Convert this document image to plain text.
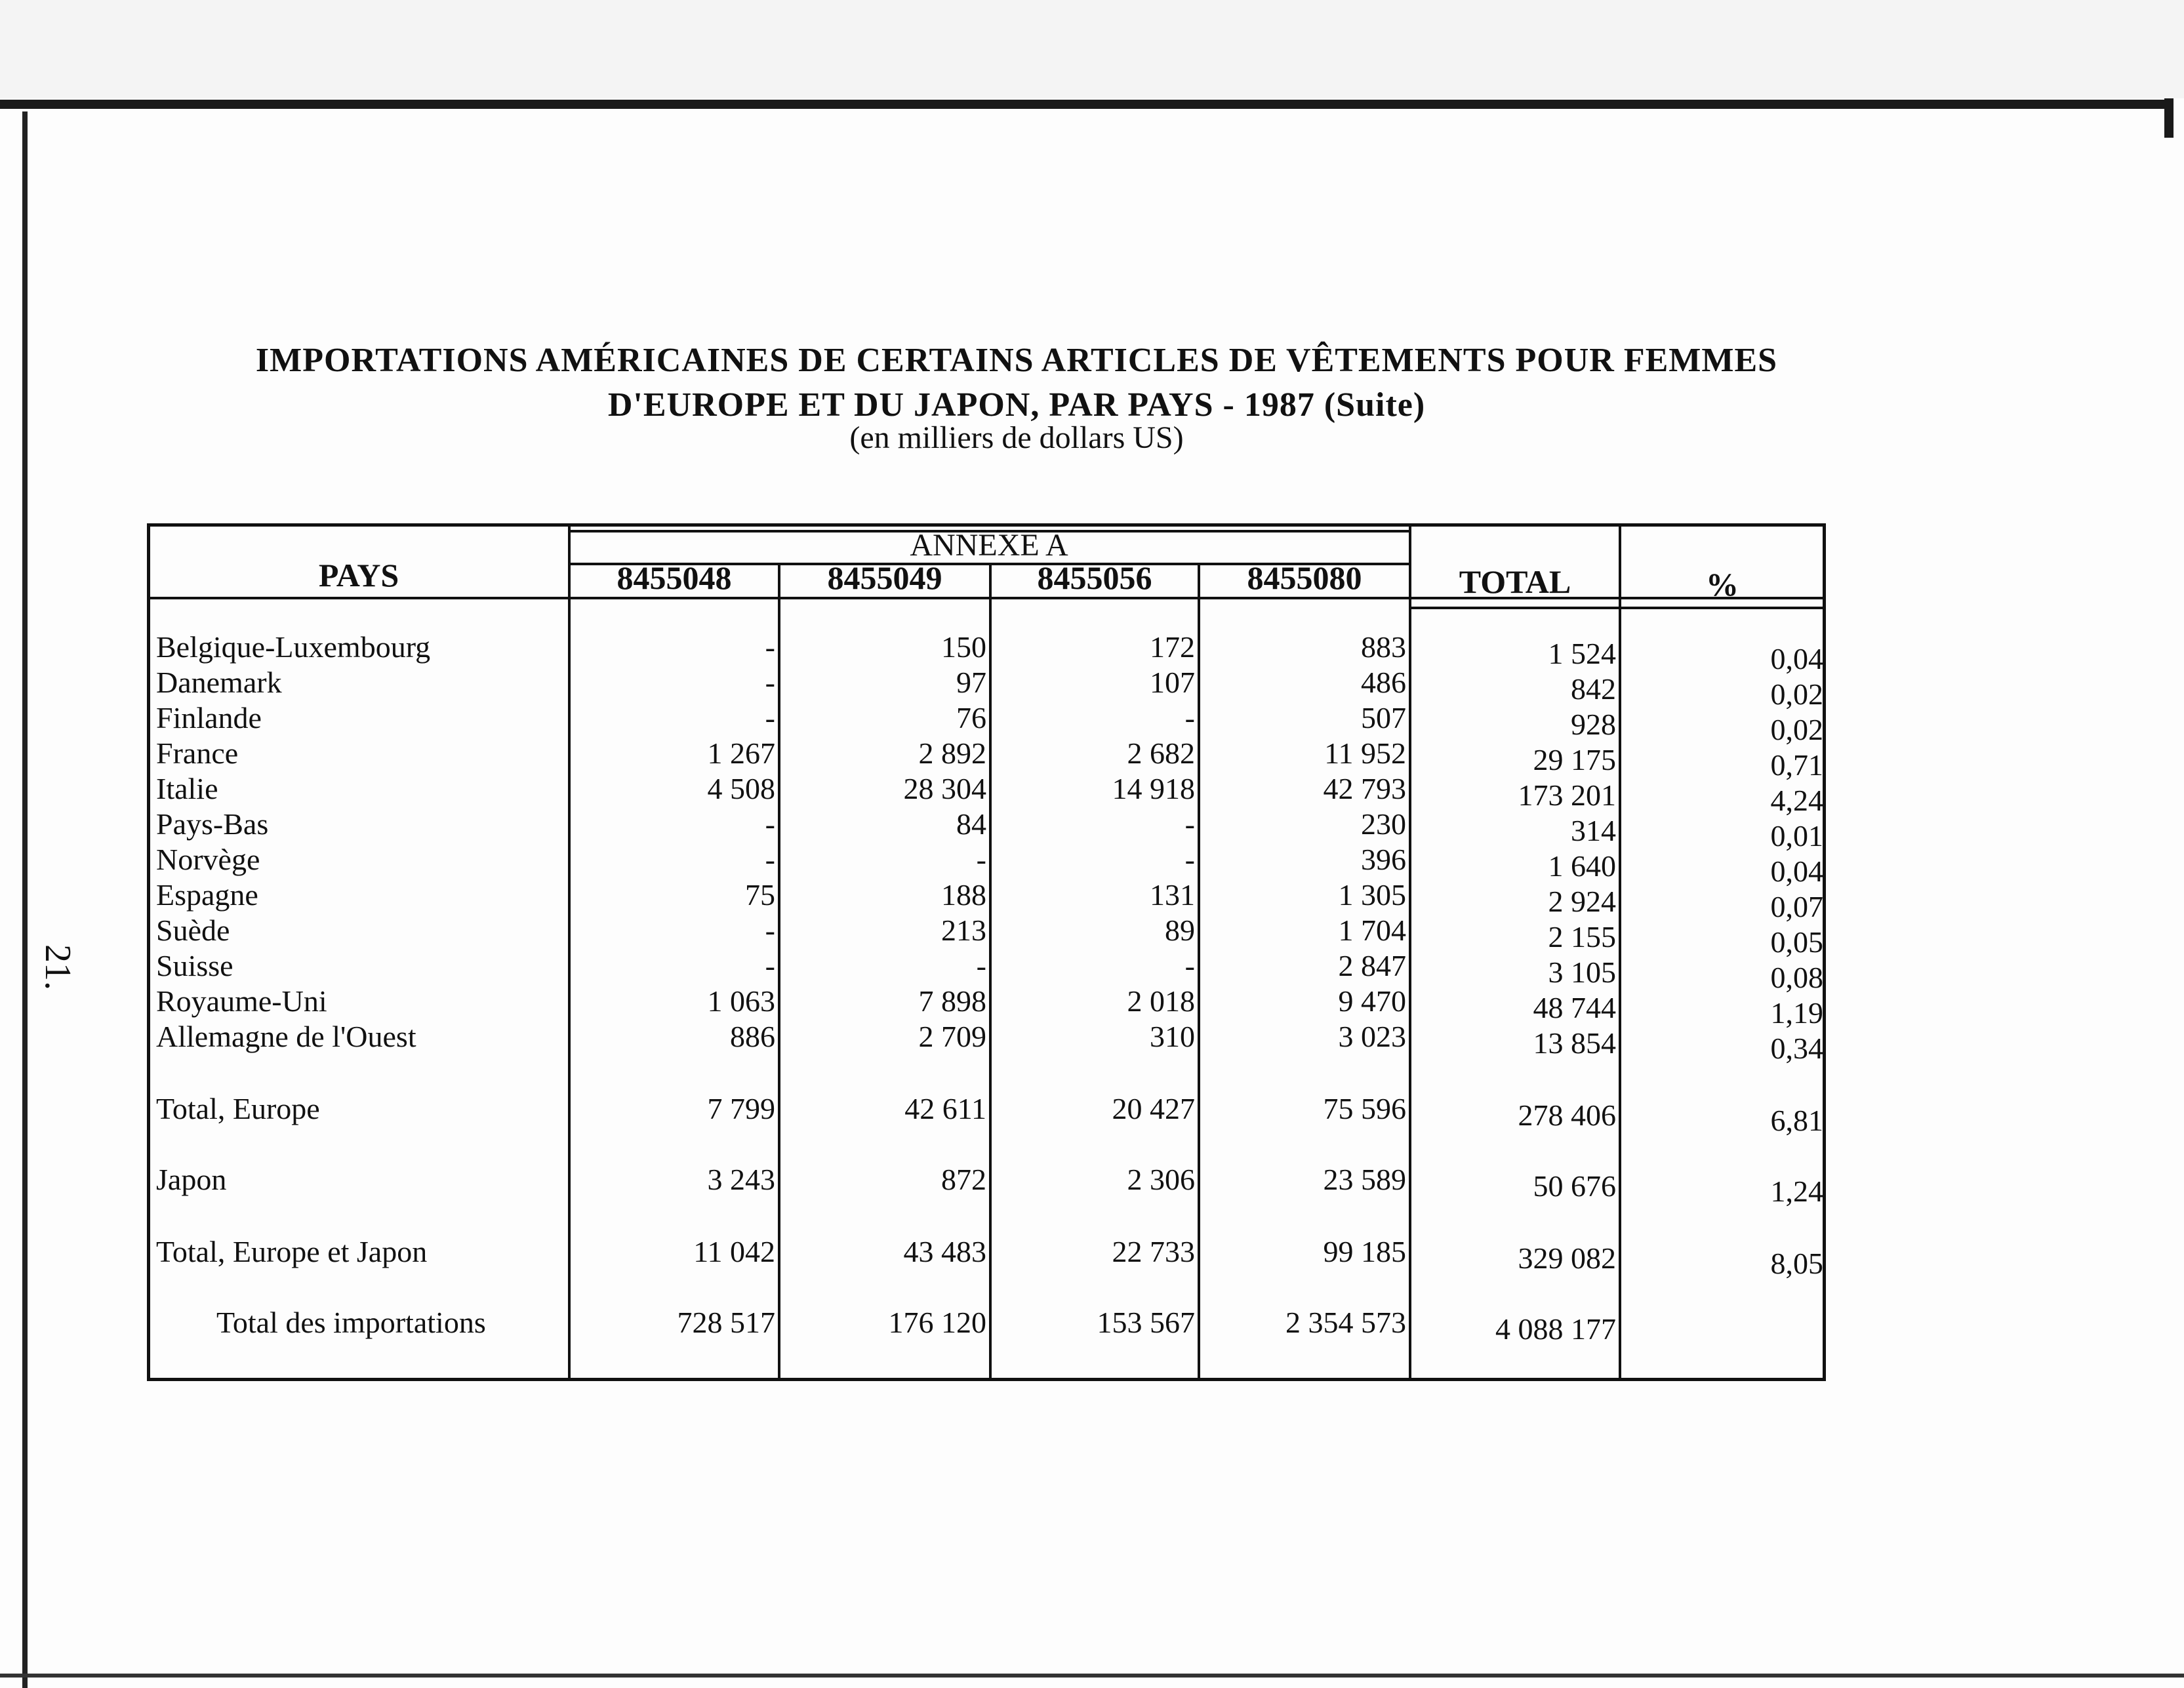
21.
IMPORTATIONS AMÉRICAINES DE CERTAINS ARTICLES DE VÊTEMENTS POUR FEMMES
D'EUROPE ET DU JAPON, PAR PAYS - 1987 (Suite)
(en milliers de dollars US)
ANNEXE A
PAYS	8455048	8455049	8455056	8455080	TOTAL	%
Belgique-Luxembourg	-	150	172	883	1 524	0,04
Danemark	-	97	107	486	842	0,02
Finlande	-	76	-	507	928	0,02
France	1 267	2 892	2 682	11 952	29 175	0,71
Italie	4 508	28 304	14 918	42 793	173 201	4,24
Pays-Bas	-	84	-	230	314	0,01
Norvège	-	-	-	396	1 640	0,04
Espagne	75	188	131	1 305	2 924	0,07
Suède	-	213	89	1 704	2 155	0,05
Suisse	-	-	-	2 847	3 105	0,08
Royaume-Uni	1 063	7 898	2 018	9 470	48 744	1,19
Allemagne de l'Ouest	886	2 709	310	3 023	13 854	0,34
Total, Europe	7 799	42 611	20 427	75 596	278 406	6,81
Japon	3 243	872	2 306	23 589	50 676	1,24
Total, Europe et Japon	11 042	43 483	22 733	99 185	329 082	8,05
Total des importations	728 517	176 120	153 567	2 354 573	4 088 177
